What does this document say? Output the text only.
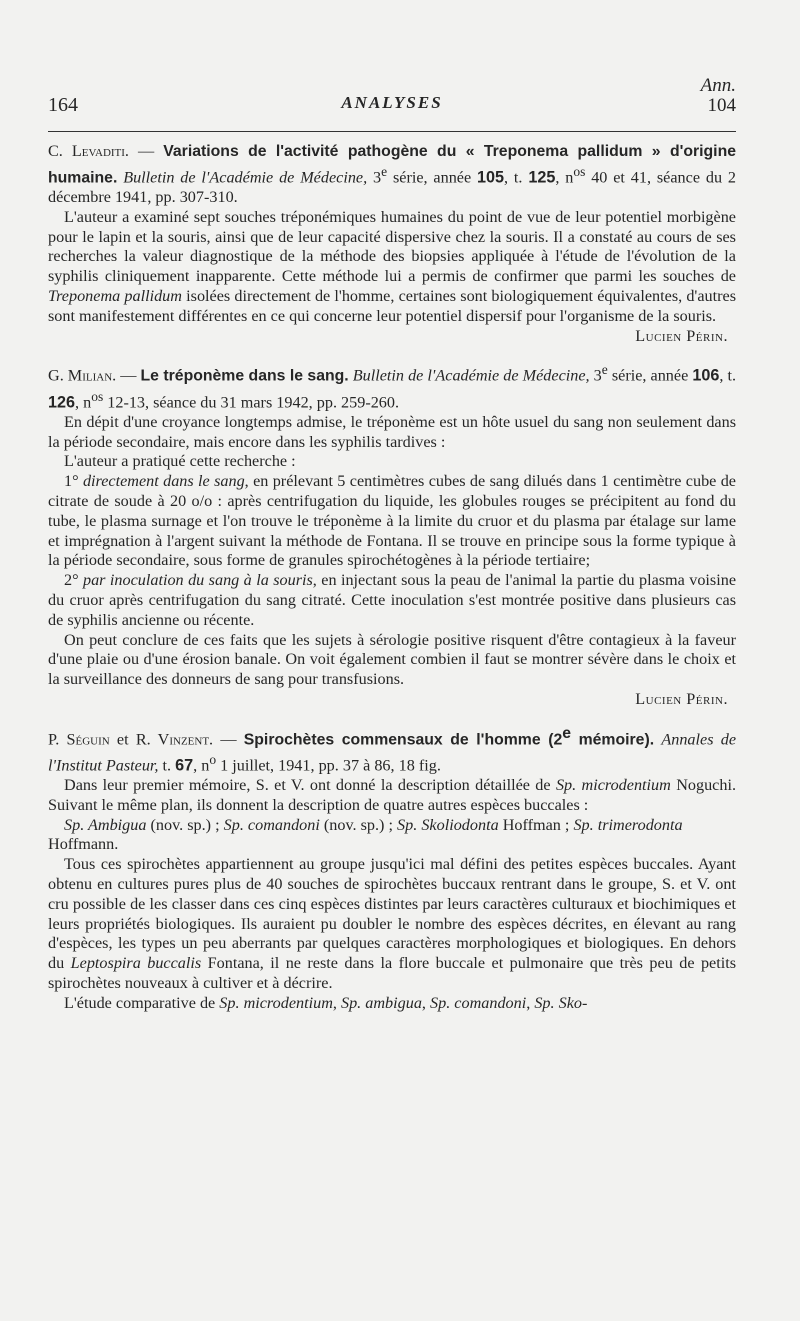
Ann.
104
164	ANALYSES

C. Levaditi. — Variations de l'activité pathogène du « Treponema pallidum » d'origine humaine. Bulletin de l'Académie de Médecine, 3e série, année 105, t. 125, $n^{os}$ 40 et 41, séance du 2 décembre 1941, pp. 307-310.

L'auteur a examiné sept souches tréponémiques humaines du point de vue de leur potentiel morbigène pour le lapin et la souris, ainsi que de leur capacité dispersive chez la souris. Il a constaté au cours de ses recherches la valeur diagnostique de la méthode des biopsies appliquée à l'étude de l'évolution de la syphilis cliniquement inapparente. Cette méthode lui a permis de confirmer que parmi les souches de Treponema pallidum isolées directement de l'homme, certaines sont biologiquement équivalentes, d'autres sont manifestement différentes en ce qui concerne leur potentiel dispersif pour l'organisme de la souris.

Lucien Périn.

G. Milian. — Le tréponème dans le sang. Bulletin de l'Académie de Médecine, 3e série, année 106, t. 126, $n^{os}$ 12-13, séance du 31 mars 1942, pp. 259-260.

En dépit d'une croyance longtemps admise, le tréponème est un hôte usuel du sang non seulement dans la période secondaire, mais encore dans les syphilis tardives :

L'auteur a pratiqué cette recherche :

1° directement dans le sang, en prélevant 5 centimètres cubes de sang dilués dans 1 centimètre cube de citrate de soude à 20 o/o : après centrifugation du liquide, les globules rouges se précipitent au fond du tube, le plasma surnage et l'on trouve le tréponème à la limite du cruor et du plasma par étalage sur lame et imprégnation à l'argent suivant la méthode de Fontana. Il se trouve en principe sous la forme typique à la période secondaire, sous forme de granules spirochétogènes à la période tertiaire;

2° par inoculation du sang à la souris, en injectant sous la peau de l'animal la partie du plasma voisine du cruor après centrifugation du sang citraté. Cette inoculation s'est montrée positive dans plusieurs cas de syphilis ancienne ou récente.

On peut conclure de ces faits que les sujets à sérologie positive risquent d'être contagieux à la faveur d'une plaie ou d'une érosion banale. On voit également combien il faut se montrer sévère dans le choix et la surveillance des donneurs de sang pour transfusions.

Lucien Périn.

P. Séguin et R. Vinzent. — Spirochètes commensaux de l'homme (2e mémoire). Annales de l'Institut Pasteur, t. 67, $n^o$ 1 juillet, 1941, pp. 37 à 86, 18 fig.

Dans leur premier mémoire, S. et V. ont donné la description détaillée de Sp. microdentium Noguchi. Suivant le même plan, ils donnent la description de quatre autres espèces buccales :

Sp. Ambigua (nov. sp.) ; Sp. comandoni (nov. sp.) ; Sp. Skoliodonta Hoffman ; Sp. trimerodonta Hoffmann.

Tous ces spirochètes appartiennent au groupe jusqu'ici mal défini des petites espèces buccales. Ayant obtenu en cultures pures plus de 40 souches de spirochètes buccaux rentrant dans le groupe, S. et V. ont cru possible de les classer dans ces cinq espèces distintes par leurs caractères culturaux et biochimiques et leurs propriétés biologiques. Ils auraient pu doubler le nombre des espèces décrites, en élevant au rang d'espèces, les types un peu aberrants par quelques caractères morphologiques et biologiques. En dehors du Leptospira buccalis Fontana, il ne reste dans la flore buccale et pulmonaire que très peu de petits spirochètes nouveaux à cultiver et à décrire.

L'étude comparative de Sp. microdentium, Sp. ambigua, Sp. comandoni, Sp. Sko-
